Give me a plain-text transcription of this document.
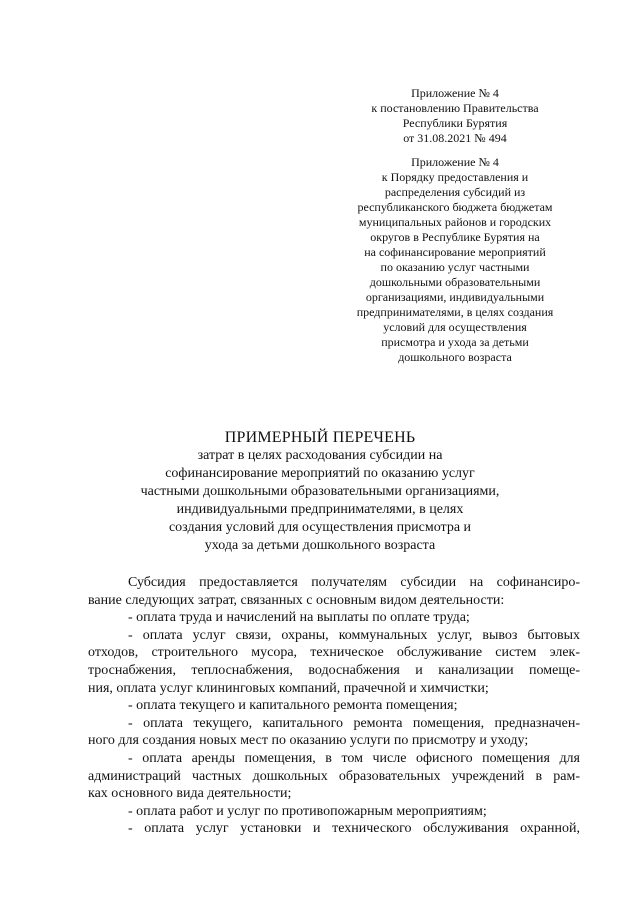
Приложение № 4
к постановлению Правительства
Республики Бурятия
от 31.08.2021 № 494
Приложение № 4
к Порядку предоставления и
распределения субсидий из
республиканского бюджета бюджетам
муниципальных районов и городских
округов в Республике Бурятия на
на софинансирование мероприятий
по оказанию услуг частными
дошкольными образовательными
организациями, индивидуальными
предпринимателями, в целях создания
условий для осуществления
присмотра и ухода за детьми
дошкольного возраста
ПРИМЕРНЫЙ ПЕРЕЧЕНЬ
затрат в целях расходования субсидии на
софинансирование мероприятий по оказанию услуг
частными дошкольными образовательными организациями,
индивидуальными предпринимателями, в целях
создания условий для осуществления присмотра и
ухода за детьми дошкольного возраста
Субсидия предоставляется получателям субсидии на софинансиро-
вание следующих затрат, связанных с основным видом деятельности:
- оплата труда и начислений на выплаты по оплате труда;
- оплата услуг связи, охраны, коммунальных услуг, вывоз бытовых
отходов, строительного мусора, техническое обслуживание систем элек-
троснабжения, теплоснабжения, водоснабжения и канализации помеще-
ния, оплата услуг клининговых компаний, прачечной и химчистки;
- оплата текущего и капитального ремонта помещения;
- оплата текущего, капитального ремонта помещения, предназначен-
ного для создания новых мест по оказанию услуги по присмотру и уходу;
- оплата аренды помещения, в том числе офисного помещения для
администраций частных дошкольных образовательных учреждений в рам-
ках основного вида деятельности;
- оплата работ и услуг по противопожарным мероприятиям;
- оплата услуг установки и технического обслуживания охранной,
